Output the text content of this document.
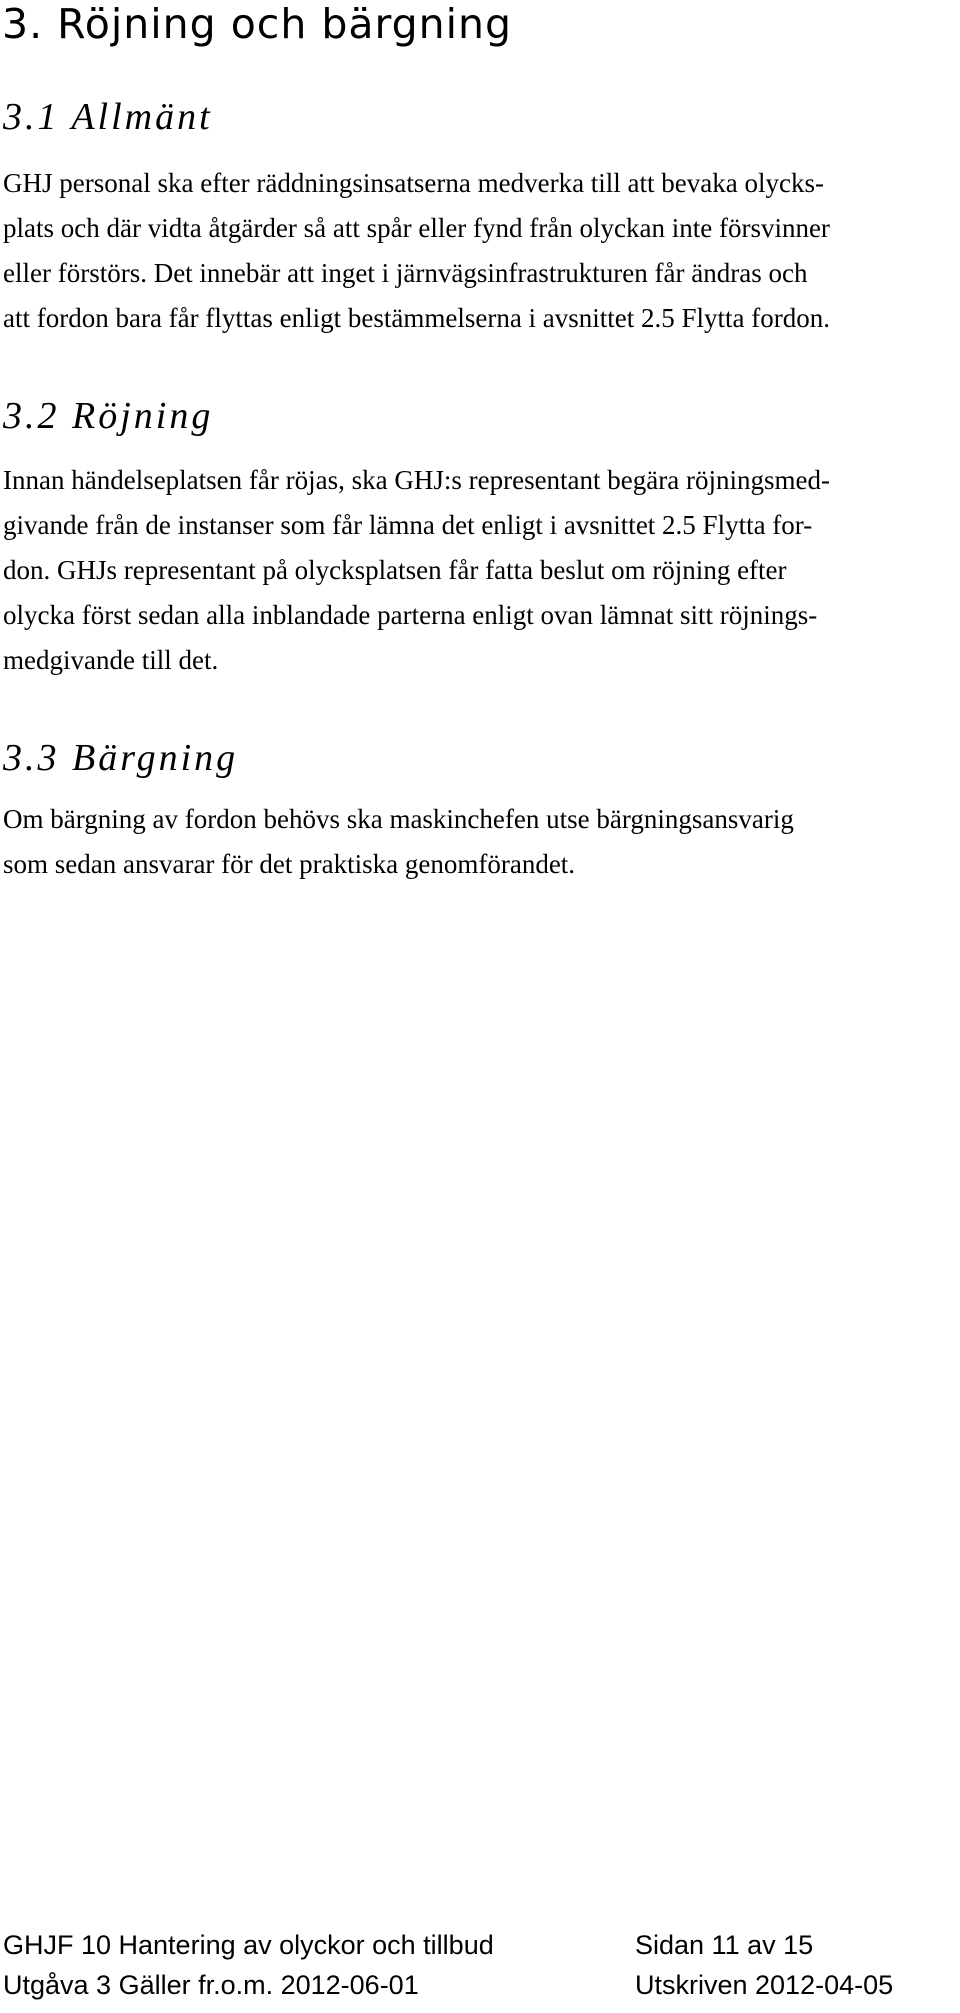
3. Röjning och bärgning
3.1 Allmänt
GHJ personal ska efter räddningsinsatserna medverka till att bevaka olycks-
plats och där vidta åtgärder så att spår eller fynd från olyckan inte försvinner
eller förstörs. Det innebär att inget i järnvägsinfrastrukturen får ändras och
att fordon bara får flyttas enligt bestämmelserna i avsnittet 2.5 Flytta fordon.
3.2 Röjning
Innan händelseplatsen får röjas, ska GHJ:s representant begära röjningsmed-
givande från de instanser som får lämna det enligt i avsnittet 2.5 Flytta for-
don. GHJs representant på olycksplatsen får fatta beslut om röjning efter
olycka först sedan alla inblandade parterna enligt ovan lämnat sitt röjnings-
medgivande till det.
3.3 Bärgning
Om bärgning av fordon behövs ska maskinchefen utse bärgningsansvarig
som sedan ansvarar för det praktiska genomförandet.
GHJF 10 Hantering av olyckor och tillbud	Sidan 11 av 15
Utgåva 3 Gäller fr.o.m. 2012-06-01	Utskriven 2012-04-05
